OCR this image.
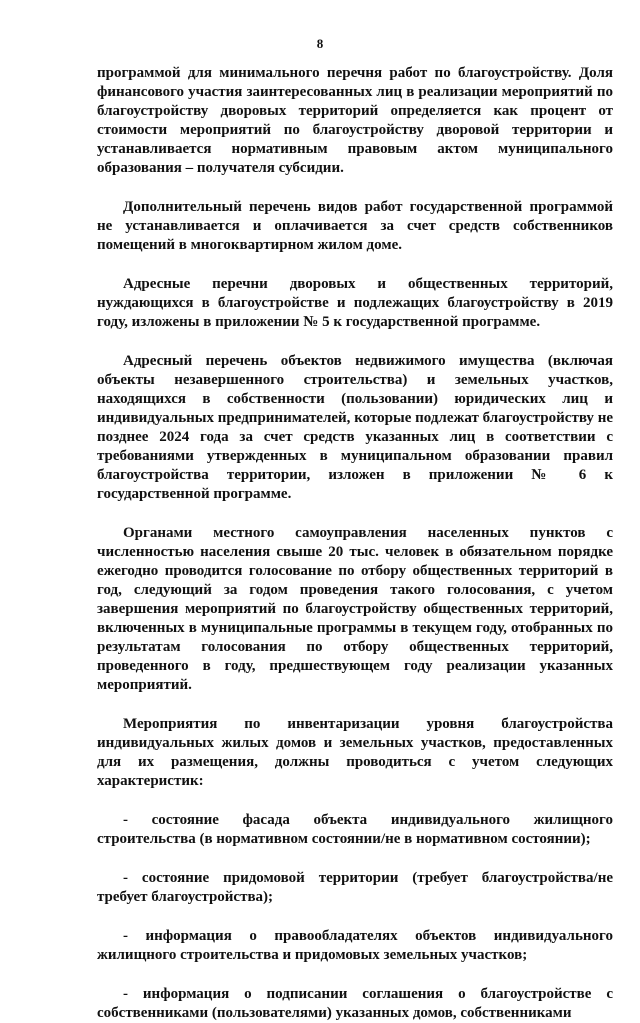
8

программой для минимального перечня работ по благоустройству. Доля финансового участия заинтересованных лиц в реализации мероприятий по благоустройству дворовых территорий определяется как процент от стоимости мероприятий по благоустройству дворовой территории и устанавливается нормативным правовым актом муниципального образования – получателя субсидии.

Дополнительный перечень видов работ государственной программой не устанавливается и оплачивается за счет средств собственников помещений в многоквартирном жилом доме.

Адресные перечни дворовых и общественных территорий, нуждающихся в благоустройстве и подлежащих благоустройству в 2019 году, изложены в приложении № 5 к государственной программе.

Адресный перечень объектов недвижимого имущества (включая объекты незавершенного строительства) и земельных участков, находящихся в собственности (пользовании) юридических лиц и индивидуальных предпринимателей, которые подлежат благоустройству не позднее 2024 года за счет средств указанных лиц в соответствии с требованиями утвержденных в муниципальном образовании правил благоустройства территории, изложен в приложении № 6 к государственной программе.

Органами местного самоуправления населенных пунктов с численностью населения свыше 20 тыс. человек в обязательном порядке ежегодно проводится голосование по отбору общественных территорий в год, следующий за годом проведения такого голосования, с учетом завершения мероприятий по благоустройству общественных территорий, включенных в муниципальные программы в текущем году, отобранных по результатам голосования по отбору общественных территорий, проведенного в году, предшествующем году реализации указанных мероприятий.

Мероприятия по инвентаризации уровня благоустройства индивидуальных жилых домов и земельных участков, предоставленных для их размещения, должны проводиться с учетом следующих характеристик:

- состояние фасада объекта индивидуального жилищного строительства (в нормативном состоянии/не в нормативном состоянии);

- состояние придомовой территории (требует благоустройства/не требует благоустройства);

- информация о правообладателях объектов индивидуального жилищного строительства и придомовых земельных участков;

- информация о подписании соглашения о благоустройстве с собственниками (пользователями) указанных домов, собственниками
